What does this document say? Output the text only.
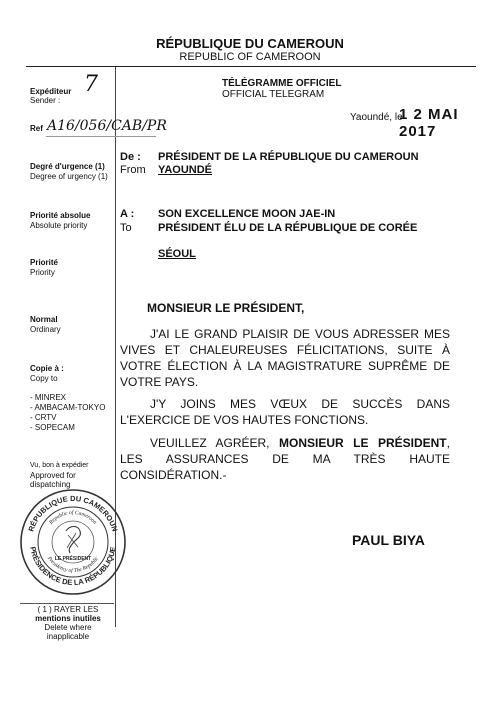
RÉPUBLIQUE DU CAMEROUN
REPUBLIC OF CAMEROON
TÉLÉGRAMME OFFICIEL
OFFICIAL TELEGRAM
Expéditeur
Sender :
7
Ref A16/056/CAB/PR
Yaoundé, le
1 2 MAI 2017
Degré d'urgence (1)
Degree of urgency (1)
Priorité absolue
Absolute priority
Priorité
Priority
Normal
Ordinary
Copie à :
Copy to
- MINREX
- AMBACAM-TOKYO
- CRTV
- SOPECAM
Vu, bon à expédier
Approved for
dispatching
RÉPUBLIQUE DU CAMEROUN
PRÉSIDENCE DE LA RÉPUBLIQUE
Republic of Cameroon
Presidency of The Republic
LE PRÉSIDENT
( 1 ) RAYER LES
mentions inutiles
Delete where
inapplicable
De :
From
PRÉSIDENT DE LA RÉPUBLIQUE DU CAMEROUN
YAOUNDÉ
A :
To
SON EXCELLENCE MOON JAE-IN
PRÉSIDENT ÉLU DE LA RÉPUBLIQUE DE CORÉE
SÉOUL
MONSIEUR LE PRÉSIDENT,
J'AI LE GRAND PLAISIR DE VOUS ADRESSER MES VIVES ET CHALEUREUSES FÉLICITATIONS, SUITE À VOTRE ÉLECTION À LA MAGISTRATURE SUPRÊME DE VOTRE PAYS.
J'Y JOINS MES VŒUX DE SUCCÈS DANS L'EXERCICE DE VOS HAUTES FONCTIONS.
VEUILLEZ AGRÉER, MONSIEUR LE PRÉSIDENT, LES ASSURANCES DE MA TRÈS HAUTE CONSIDÉRATION.-
PAUL BIYA
